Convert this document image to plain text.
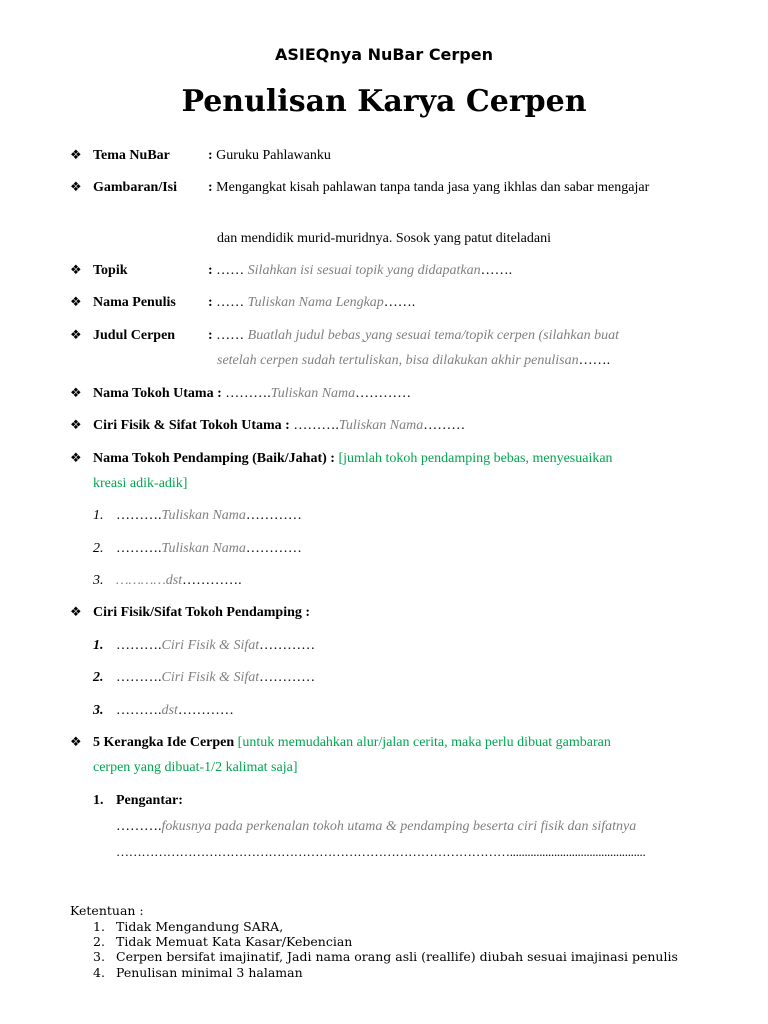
ASIEQnya NuBar Cerpen
Penulisan Karya Cerpen
❖ Tema NuBar	: Guruku Pahlawanku
❖ Gambaran/Isi : Mengangkat kisah pahlawan tanpa tanda jasa yang ikhlas dan sabar mengajar
dan mendidik murid-muridnya. Sosok yang patut diteladani
❖ Topik	: …… Silahkan isi sesuai topik yang didapatkan…….
❖ Nama Penulis : …… Tuliskan Nama Lengkap…….
❖ Judul Cerpen : …… Buatlah judul bebas¸yang sesuai tema/topik cerpen (silahkan buat
setelah cerpen sudah tertuliskan, bisa dilakukan akhir penulisan…….
❖ Nama Tokoh Utama : ……….Tuliskan Nama…………
❖ Ciri Fisik & Sifat Tokoh Utama : ……….Tuliskan Nama………
❖ Nama Tokoh Pendamping (Baik/Jahat) : [jumlah tokoh pendamping bebas, menyesuaikan
kreasi adik-adik]
1. ……….Tuliskan Nama…………
2. ……….Tuliskan Nama…………
3. …………dst………….
❖ Ciri Fisik/Sifat Tokoh Pendamping :
1. ……….Ciri Fisik & Sifat…………
2. ……….Ciri Fisik & Sifat…………
3. ……….dst…………
❖ 5 Kerangka Ide Cerpen [untuk memudahkan alur/jalan cerita, maka perlu dibuat gambaran
cerpen yang dibuat-1/2 kalimat saja]
1. Pengantar:
……….fokusnya pada perkenalan tokoh utama & pendamping beserta ciri fisik dan sifatnya
…………………………………………………………………………………..............................................
Ketentuan :
1. Tidak Mengandung SARA,
2. Tidak Memuat Kata Kasar/Kebencian
3. Cerpen bersifat imajinatif, Jadi nama orang asli (reallife) diubah sesuai imajinasi penulis
4. Penulisan minimal 3 halaman
